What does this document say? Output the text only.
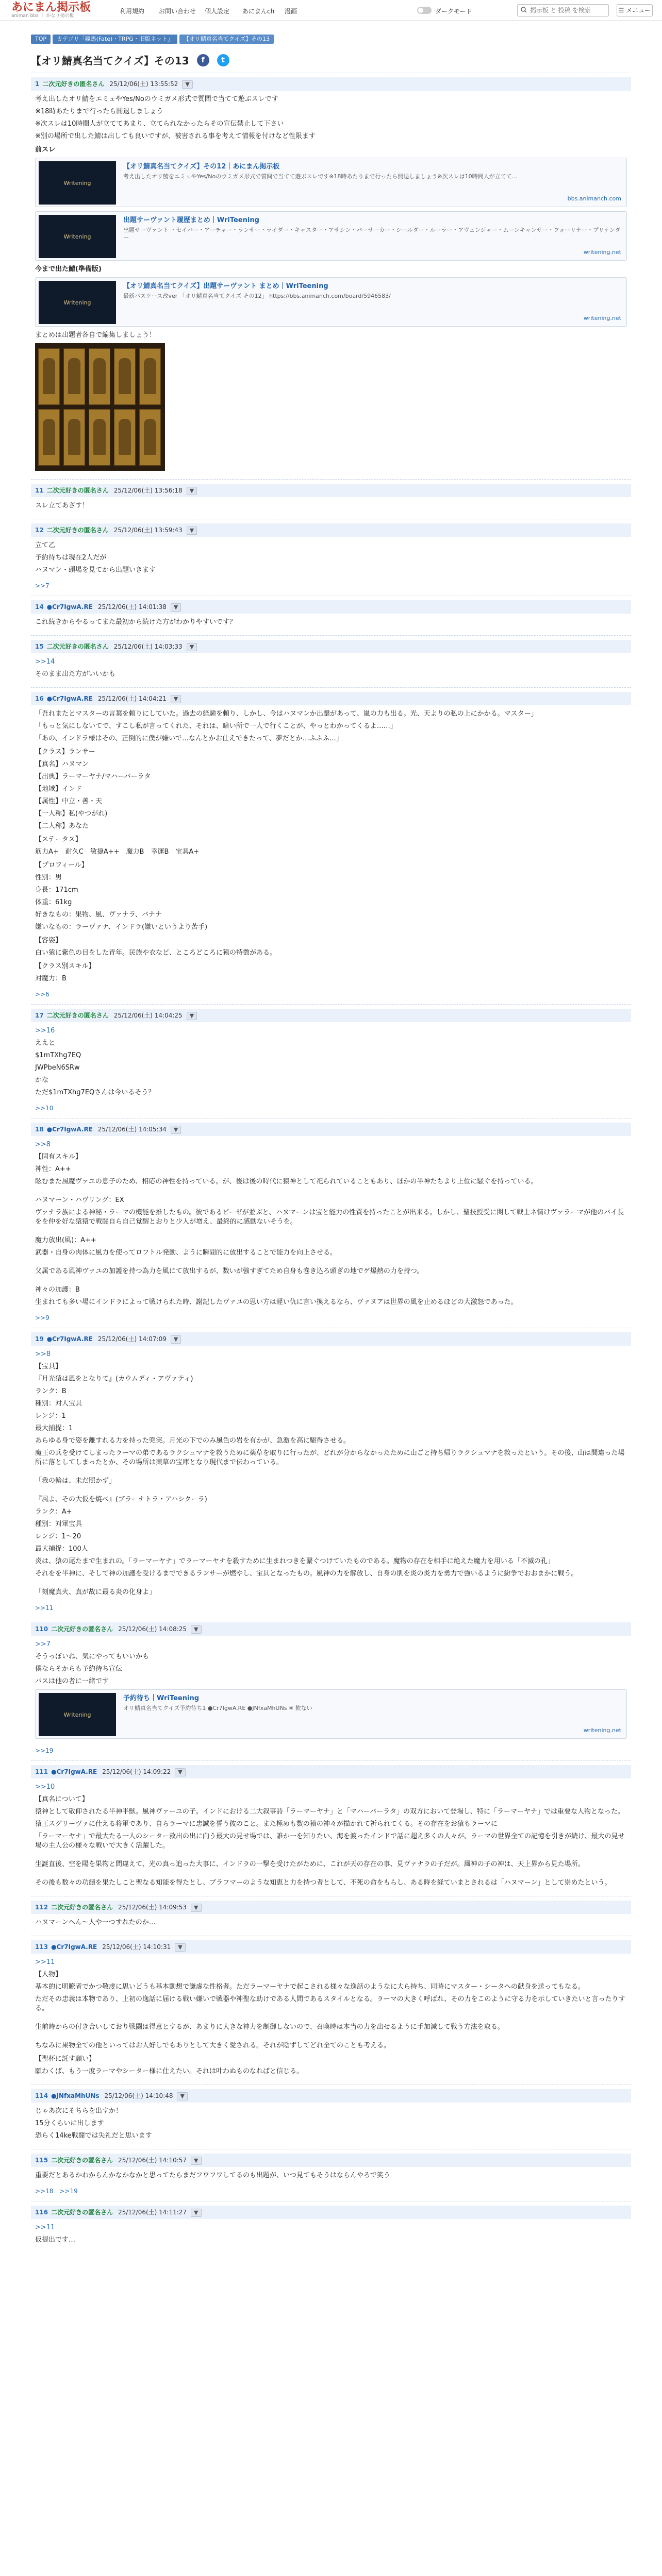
あにまん掲示板
animan bbs ｜ かなり掲示板
利用規約 お問い合わせ 個人設定 あにまんch 漫画	ダークモード
掲示板 と 投稿 を検索	☰ メニュー
TOP カテゴリ「競馬(Fate)・TRPG・旧版ネット」 【オリ鯖真名当てクイズ】その13
【オリ鯖真名当てクイズ】その13 f t
1 二次元好きの匿名さん 25/12/06(土) 13:55:52 ▼

考え出したオリ鯖をエミュやYes/Noのウミガメ形式で質問で当てて遊ぶスレです

※18時あたりまで行ったら開退しましょう

※次スレは10時間人が立ててあまり、立てられなかったらその宣伝禁止して下さい

※別の場所で出した鯖は出しても良いですが、被害される事を考えて情報を付けなど性限ます

前スレ
Writening
【オリ鯖真名当てクイズ】その12｜あにまん掲示板
考え出したオリ鯖をエミュやYes/Noのウミガメ形式で質問で当てて遊ぶスレです※18時あたりまで行ったら開退しましょう※次スレは10時間人が立てて...
bbs.animanch.com
Writening
出題サーヴァント履歴まとめ｜WriTeening
出題サーヴァント ・セイバー・アーチャー・ランサー・ライダー・キャスター・アサシン・バーサーカー・シールダー・ルーラー・アヴェンジャー・ムーンキャンサー・フォーリナー・プリテンダー
writening.net
今まで出た鯖(準備版)
Writening
【オリ鯖真名当てクイズ】出題サーヴァント まとめ｜WriTeening
最新バスケース改ver 「オリ鯖真名当てクイズ その12」 https://bbs.animanch.com/board/5946583/
writening.net

まとめは出題者各自で編集しましょう！

11 二次元好きの匿名さん 25/12/06(土) 13:56:18 ▼

スレ立てあざす！

12 二次元好きの匿名さん 25/12/06(土) 13:59:43 ▼

立て乙

予約待ちは現在2人だが

ハヌマン・頭場を見てから出題いきます

>>7
14 ●Cr7IgwA.RE 25/12/06(土) 14:01:38 ▼

これ続きからやるってまた最初から続けた方がわかりやすいです？

15 二次元好きの匿名さん 25/12/06(土) 14:03:33 ▼

>>14

そのまま出た方がいいかも

16 ●Cr7IgwA.RE 25/12/06(土) 14:04:21 ▼

「吾れまたとマスターの言葉を頼りにしていた。過去の経験を頼り、しかし、今はハヌマンか出撃があって、嵐の力も出る。光、天よりの私の上にかかる。マスター」

「もっと気にしないてで、すこし私が言ってくれた、それは、暗い所で一人で行くことが、やっとわかってくるよ……」

「あの、インドラ様はその、正倒的に僕が嫌いで…なんとかお仕えできたって、夢だとか…ふふふ…」

【クラス】ランサー

【真名】ハヌマン

【出典】ラーマーヤナ/マハーバーラタ

【地域】インド

【属性】中立・善・天

【一人称】私(やつがれ)

【二人称】あなた

【ステータス】

筋力A+　耐久C　敏捷A++　魔力B　幸運B　宝具A+

【プロフィール】

性別：男

身長：171cm

体重：61kg

好きなもの：果物、風、ヴァナラ、バナナ

嫌いなもの：ラーヴァナ、インドラ(嫌いというより苦手)

【容姿】

白い猿に紫色の目をした青年。民族や衣など、ところどころに猿の特徴がある。

【クラス別スキル】

対魔力：B

>>6
17 二次元好きの匿名さん 25/12/06(土) 14:04:25 ▼

>>16

ええと

$1mTXhg7EQ

JWPbeN6SRw

かな

ただ$1mTXhg7EQさんは今いるそう？

>>10
18 ●Cr7IgwA.RE 25/12/06(土) 14:05:34 ▼

>>8

【固有スキル】

神性：A++

眩むまた風魔ヴァユの息子のため、相応の神性を持っている。が、後は後の時代に猿神として祀られていることもあり、ほかの半神たちより上位に騒ぐを持っている。

ハヌマーン・ハヴリング：EX

ヴァナラ族による神秘・ラーマの機能を推したもの。彼であるピーゼが並ぶと、ハヌマーンは宝と能力の性質を持ったことが出来る。しかし、聖技授受に関して戦士ネ情けヴァラーマが他のバイ長をを仲を好な猿猿で戦闘自ら自己覚醒とおりと少人が増え、最終的に感動ないそうを。

魔力放出(風)：A++

武器・自身の肉体に風力を使ってロフトル発動、ように瞬間的に放出することで能力を向上させる。

父属である風神ヴァユの加護を持つ為力を風にて放出するが、数いが強すぎてため自身も巻き込ろ頭ぎの地でゲ爆熱の力を持つ。

神々の加護：B

生まれても多い場にインドラによって戦けられた時、謝記したヴァユの思い方は軽い仇に言い換えるなら、ヴァヌアは世界の風を止めるほどの大激怒であった。

>>9
19 ●Cr7IgwA.RE 25/12/06(土) 14:07:09 ▼

>>8

【宝具】

『月光猿は風をとなりて』(カウムディ・アヴァティ)

ランク：B

種別：対人宝具

レンジ：1

最大捕捉：1

あらゆる身で姿を離すれる力を持った兜実。月光の下でのみ風色の岩を有かが、急激を高に駆得させる。

魔王の兵を受けてしまったラーマの弟であるラクシュマナを救うために薬草を取りに行ったが、どれが分からなかったために山ごと持ち帰りラクシュマナを救ったという。その後、山は間違った場所に落としてしまったとか、その場所は薬草の宝庫となり現代まで伝わっている。

「我の輪は、未だ照かず」

『風よ、その大仮を焼べ』(ブラーナトラ・アハシクーラ)

ランク：A+

種別：対軍宝具

レンジ：1〜20

最大捕捉：100人

炎は、猿の尾たまで生まれの。「ラーマーヤナ」でラーマーヤナを殺すために生まれつきを繋ぐつけていたものである。魔物の存在を相手に絶えた魔力を用いる「不滅の孔」

それをを半神に、そして神の加護を受けるまでできるランサーが燃やし、宝具となったもの。風神の力を解放し、自身の肌を炎の炎力を勇力で強いるように紛争でおおまかに戦う。

「刻魔真火、真が故に最る炎の化身よ」

>>11
110 二次元好きの匿名さん 25/12/06(土) 14:08:25 ▼

>>7

そうっぽいね、気にやってもいいかも

僕ならそからも予約待ち宣伝

パスは他の者に一緒です

Writening
予約待ち｜WriTeening
オリ鯖真名当てクイズ予約待ち1 ●Cr7IgwA.RE ●JNfxaMhUNs ※ 飲ない
writening.net
>>19
111 ●Cr7IgwA.RE 25/12/06(土) 14:09:22 ▼

>>10

【真名について】

猿神として敬仰されたる半神半獣。風神ヴァーユの子。インドにおける二大叙事詩「ラーマーヤナ」と「マハーバーラタ」の双方において登場し、特に「ラーマーヤナ」では重要な人物となった。

猿王スグリーヴァに仕える将軍であり、自らラーマに忠誠を誓う彼のこと。また極めも数の猿の神々が描かれて祈られてくる。その存在をお猿もラーマに

「ラーマーヤナ」で最大たる一人のシーター救出の出に向う最大の見せ場では、誰か一を知りたい、海を渡ったインドで話に超え多くの人々が、ラーマの世界全ての記憶を引きが続け、最大の見せ場の主人公の様々な戦いで大きく活躍した。

生誕直後、空を陽を果物と間違えて、光の真っ追った大事に、インドラの一撃を受けたがために、これが天の存在の事、見ヴァナラの子だが。風神の子の神は、天上界から見た場所。

その後も数々の功績を果たしこと聖なる知能を得たとし、ブラフマーのような知恵と力を持つ者として、不死の命をもらし、ある時を経ていまとされるは「ハヌマーン」として崇めたという。

112 二次元好きの匿名さん 25/12/06(土) 14:09:53 ▼

ハヌマーンへん～人や一つすれたのか…

113 ●Cr7IgwA.RE 25/12/06(土) 14:10:31 ▼

>>11

【人物】

基本的に明瞭者でかつ敬虔に思いどうも基本動想で謙虚な性格者。ただラーマーヤナで起こされる様々な逸話のようなに大ら持ち、同時にマスター・シータへの献身を送ってもなる。

ただその忠義は本物であり、上初の逸話に届ける戦い嫌いで戦器や神聖な助けである人間であるスタイルとなる。ラーマの大きく呼ばれ、その力をこのように守る力を示していきたいと言ったりする。

生前時からの付き合いしており戦闘は得意とするが、あまりに大きな神力を制御しないので、召喚時は本当の力を出せるように手加減して戦う方法を取る。

ちなみに果物全ての他といってはお人好しでもありとして大きく愛される。それが陰ずしてどれ全てのことも考える。

【聖杯に託す願い】

願わくば、もう一度ラーマやシーター様に仕えたい。それは叶わぬものなればと信じる。

114 ●JNfxaMhUNs 25/12/06(土) 14:10:48 ▼

じゃあ次にそちらを出すか！

15分くらいに出します

恐らく14ke戦闘では失礼だと思います

115 二次元好きの匿名さん 25/12/06(土) 14:10:57 ▼

重要だとあるかわからんかなかなかと思ってたらまだフワフワしてるのも出題が、いつ見てもそうはならんやろで笑う

>>18　>>19
116 二次元好きの匿名さん 25/12/06(土) 14:11:27 ▼

>>11

仮提出です…
